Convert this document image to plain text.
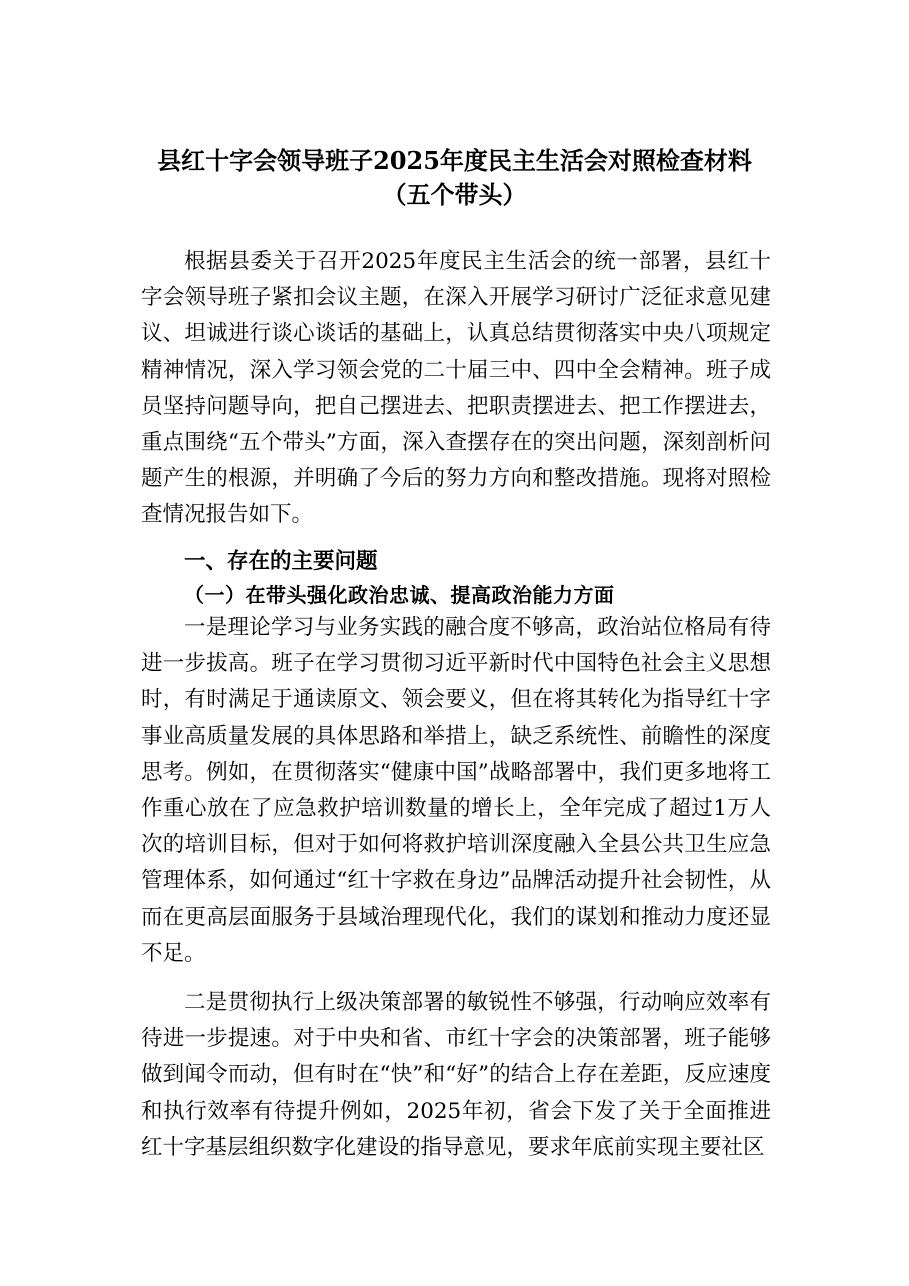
县红十字会领导班子2025年度民主生活会对照检查材料
（五个带头）

根据县委关于召开2025年度民主生活会的统一部署，县红十字会领导班子紧扣会议主题，在深入开展学习研讨广泛征求意见建议、坦诚进行谈心谈话的基础上，认真总结贯彻落实中央八项规定精神情况，深入学习领会党的二十届三中、四中全会精神。班子成员坚持问题导向，把自己摆进去、把职责摆进去、把工作摆进去，重点围绕“五个带头”方面，深入查摆存在的突出问题，深刻剖析问题产生的根源，并明确了今后的努力方向和整改措施。现将对照检查情况报告如下。

一、存在的主要问题

（一）在带头强化政治忠诚、提高政治能力方面

一是理论学习与业务实践的融合度不够高，政治站位格局有待进一步拔高。班子在学习贯彻习近平新时代中国特色社会主义思想时，有时满足于通读原文、领会要义，但在将其转化为指导红十字事业高质量发展的具体思路和举措上，缺乏系统性、前瞻性的深度思考。例如，在贯彻落实“健康中国”战略部署中，我们更多地将工作重心放在了应急救护培训数量的增长上，全年完成了超过1万人次的培训目标，但对于如何将救护培训深度融入全县公共卫生应急管理体系，如何通过“红十字救在身边”品牌活动提升社会韧性，从而在更高层面服务于县域治理现代化，我们的谋划和推动力度还显不足。

二是贯彻执行上级决策部署的敏锐性不够强，行动响应效率有待进一步提速。对于中央和省、市红十字会的决策部署，班子能够做到闻令而动，但有时在“快”和“好”的结合上存在差距，反应速度和执行效率有待提升例如，2025年初，省会下发了关于全面推进红十字基层组织数字化建设的指导意见，要求年底前实现主要社区
